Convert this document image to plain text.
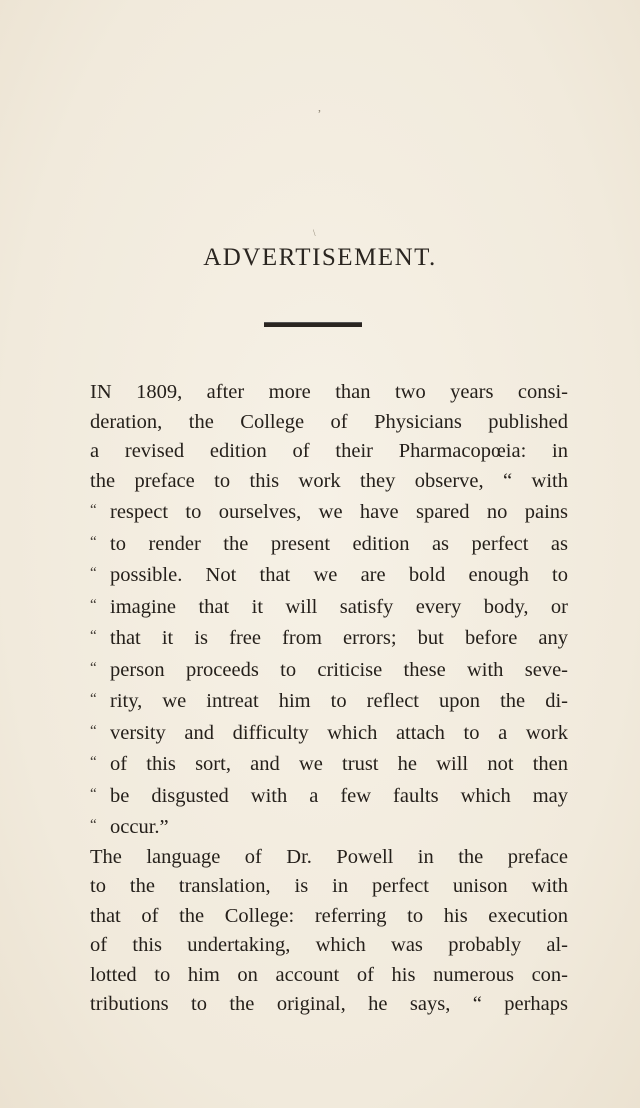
,
\
ADVERTISEMENT.
IN 1809, after more than two years consi-
deration, the College of Physicians published
a revised edition of their Pharmacopœia: in
the preface to this work they observe, “ with
“ respect to ourselves, we have spared no pains
“ to render the present edition as perfect as
“ possible. Not that we are bold enough to
“ imagine that it will satisfy every body, or
“ that it is free from errors; but before any
“ person proceeds to criticise these with seve-
“ rity, we intreat him to reflect upon the di-
“ versity and difficulty which attach to a work
“ of this sort, and we trust he will not then
“ be disgusted with a few faults which may
“ occur.”
The language of Dr. Powell in the preface
to the translation, is in perfect unison with
that of the College: referring to his execution
of this undertaking, which was probably al-
lotted to him on account of his numerous con-
tributions to the original, he says, “ perhaps
